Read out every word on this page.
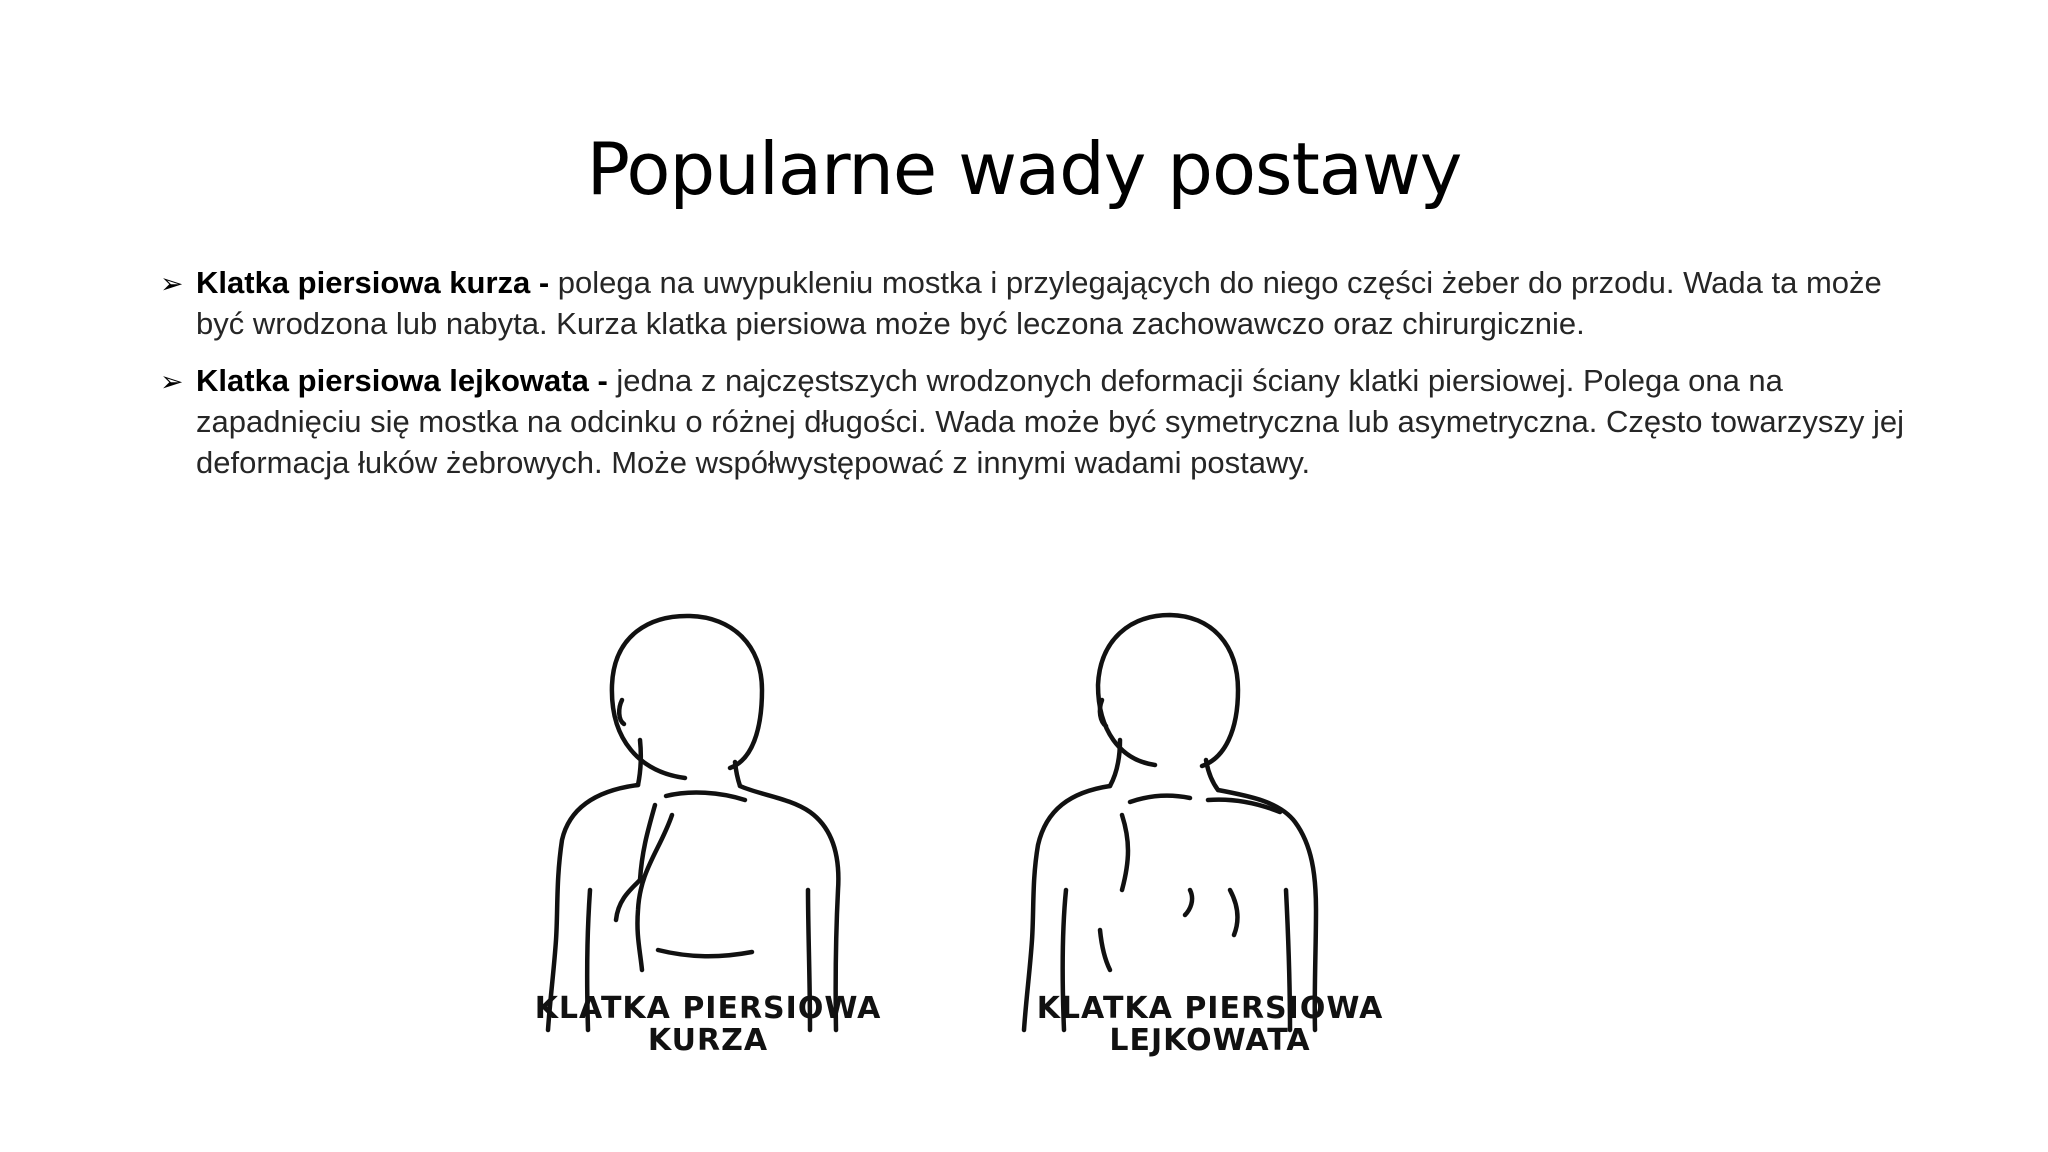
Popularne wady postawy
➢ Klatka piersiowa kurza - polega na uwypukleniu mostka i przylegających do niego części żeber do przodu. Wada ta może być wrodzona lub nabyta. Kurza klatka piersiowa może być leczona zachowawczo oraz chirurgicznie.
➢ Klatka piersiowa lejkowata - jedna z najczęstszych wrodzonych deformacji ściany klatki piersiowej. Polega ona na zapadnięciu się mostka na odcinku o różnej długości. Wada może być symetryczna lub asymetryczna. Często towarzyszy jej deformacja łuków żebrowych. Może współwystępować z innymi wadami postawy.
KLATKA PIERSIOWA
KURZA
KLATKA PIERSIOWA
LEJKOWATA
